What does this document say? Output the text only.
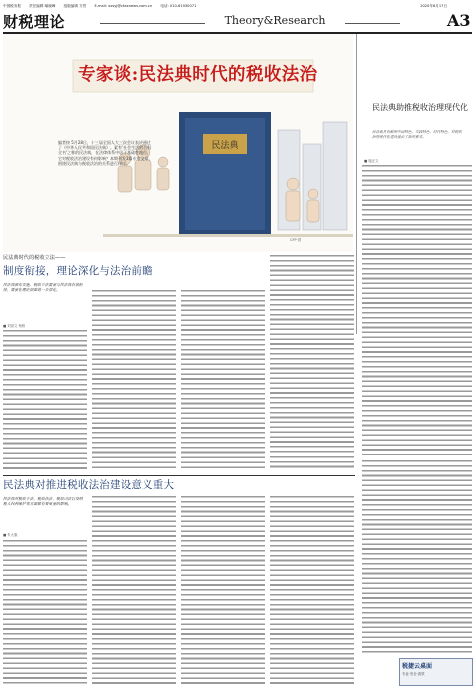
中国税务报 责任编辑 喻晓峰 组版编辑 方哲 E-mail: xxsyj@ctaxnews.com.cn 电话: 010-61930071	2020年6月17日
财税理论	Theory&Research	A3
民法典
专家谈:民法典时代的税收法治
编者按 5月28日，十三届全国人大三次会议表决通过了《中华人民共和国民法典》。素有'社会生活的百科全书'之称的民法典，在法律体系中居于基础性地位，它对税收法治建设有何影响？本期刊发3篇专家文章，围绕民法典与税收法治的关系进行探讨。
CFP 供
民法典助推税收治理现代化
民法典具有鲜明中国特色、实践特色、时代特色，对税收治理现代化建设提出了新的要求。
■ 施正文
民法典时代的税收立法——
制度衔接，理论深化与法治前瞻
民法典颁布实施，税收立法需要与民法典有效衔接，需要在理论层面进一步深化。
■ 刘剑文 杨桥
民法典对推进税收法治建设意义重大
民法典对税收立法、税收执法、税收司法以及纳税人权利保护等方面都有着重要的影响。
■ 朱大旗
税捷云桌面
专业·安全·高效
